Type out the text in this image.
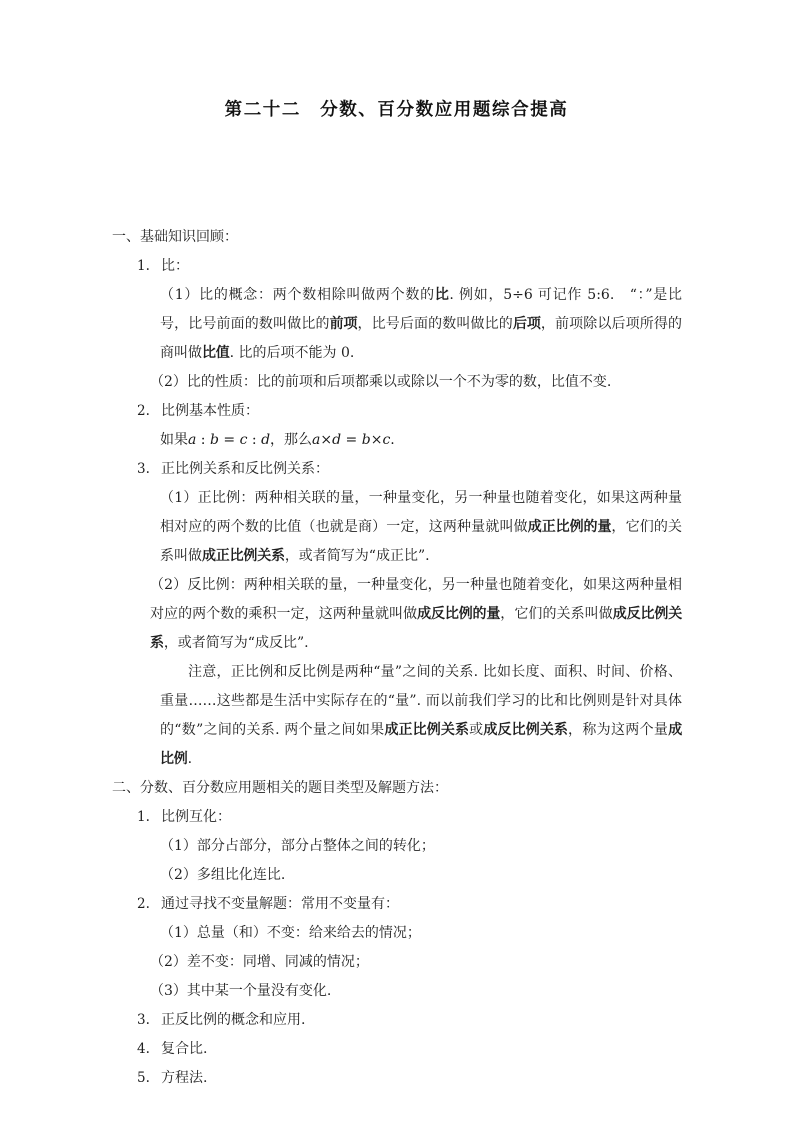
第二十二　分数、百分数应用题综合提高
一、基础知识回顾：
1. 比：
（1）比的概念：两个数相除叫做两个数的比. 例如，5÷6 可记作 5:6.　“：”是比号，比号前面的数叫做比的前项，比号后面的数叫做比的后项，前项除以后项所得的商叫做比值. 比的后项不能为 0.
（2）比的性质：比的前项和后项都乘以或除以一个不为零的数，比值不变.
2. 比例基本性质：
如果a : b = c : d，那么a×d = b×c.
3. 正比例关系和反比例关系：
（1）正比例：两种相关联的量，一种量变化，另一种量也随着变化，如果这两种量相对应的两个数的比值（也就是商）一定，这两种量就叫做成正比例的量，它们的关系叫做成正比例关系，或者简写为“成正比”.
（2）反比例：两种相关联的量，一种量变化，另一种量也随着变化，如果这两种量相对应的两个数的乘积一定，这两种量就叫做成反比例的量，它们的关系叫做成反比例关系，或者简写为“成反比”.
注意，正比例和反比例是两种“量”之间的关系. 比如长度、面积、时间、价格、重量……这些都是生活中实际存在的“量”. 而以前我们学习的比和比例则是针对具体的“数”之间的关系. 两个量之间如果成正比例关系或成反比例关系，称为这两个量成比例.
二、分数、百分数应用题相关的题目类型及解题方法：
1. 比例互化：
（1）部分占部分，部分占整体之间的转化；
（2）多组比化连比.
2. 通过寻找不变量解题：常用不变量有：
（1）总量（和）不变：给来给去的情况；
（2）差不变：同增、同减的情况；
（3）其中某一个量没有变化.
3. 正反比例的概念和应用.
4. 复合比.
5. 方程法.
